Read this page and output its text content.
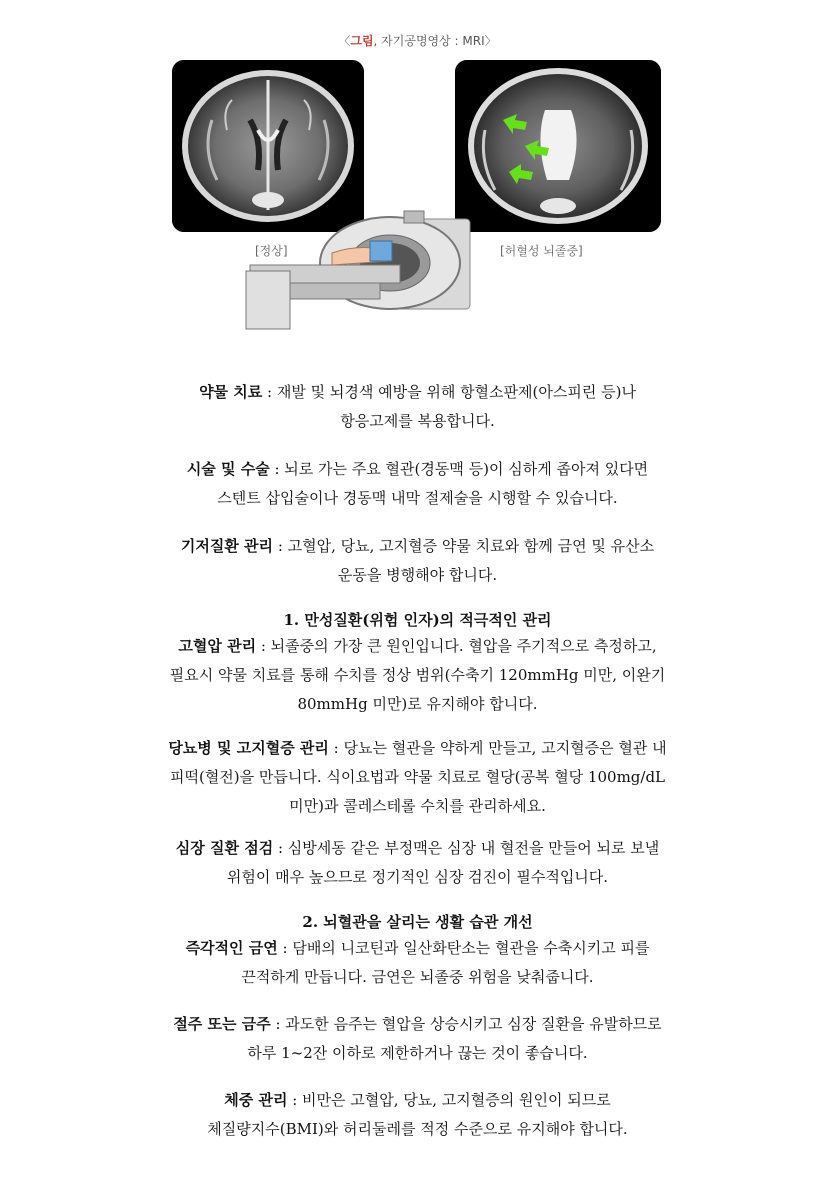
〈그림, 자기공명영상 : MRI〉
[정상]	[허혈성 뇌졸중]
약물 치료 : 재발 및 뇌경색 예방을 위해 항혈소판제(아스피린 등)나
항응고제를 복용합니다.
시술 및 수술 : 뇌로 가는 주요 혈관(경동맥 등)이 심하게 좁아져 있다면
스텐트 삽입술이나 경동맥 내막 절제술을 시행할 수 있습니다.
기저질환 관리 : 고혈압, 당뇨, 고지혈증 약물 치료와 함께 금연 및 유산소
운동을 병행해야 합니다.
1. 만성질환(위험 인자)의 적극적인 관리
고혈압 관리 : 뇌졸중의 가장 큰 원인입니다. 혈압을 주기적으로 측정하고,
필요시 약물 치료를 통해 수치를 정상 범위(수축기 120mmHg 미만, 이완기
80mmHg 미만)로 유지해야 합니다.
당뇨병 및 고지혈증 관리 : 당뇨는 혈관을 약하게 만들고, 고지혈증은 혈관 내
피떡(혈전)을 만듭니다. 식이요법과 약물 치료로 혈당(공복 혈당 100mg/dL
미만)과 콜레스테롤 수치를 관리하세요.
심장 질환 점검 : 심방세동 같은 부정맥은 심장 내 혈전을 만들어 뇌로 보낼
위험이 매우 높으므로 정기적인 심장 검진이 필수적입니다.
2. 뇌혈관을 살리는 생활 습관 개선
즉각적인 금연 : 담배의 니코틴과 일산화탄소는 혈관을 수축시키고 피를
끈적하게 만듭니다. 금연은 뇌졸중 위험을 낮춰줍니다.
절주 또는 금주 : 과도한 음주는 혈압을 상승시키고 심장 질환을 유발하므로
하루 1~2잔 이하로 제한하거나 끊는 것이 좋습니다.
체중 관리 : 비만은 고혈압, 당뇨, 고지혈증의 원인이 되므로
체질량지수(BMI)와 허리둘레를 적정 수준으로 유지해야 합니다.
